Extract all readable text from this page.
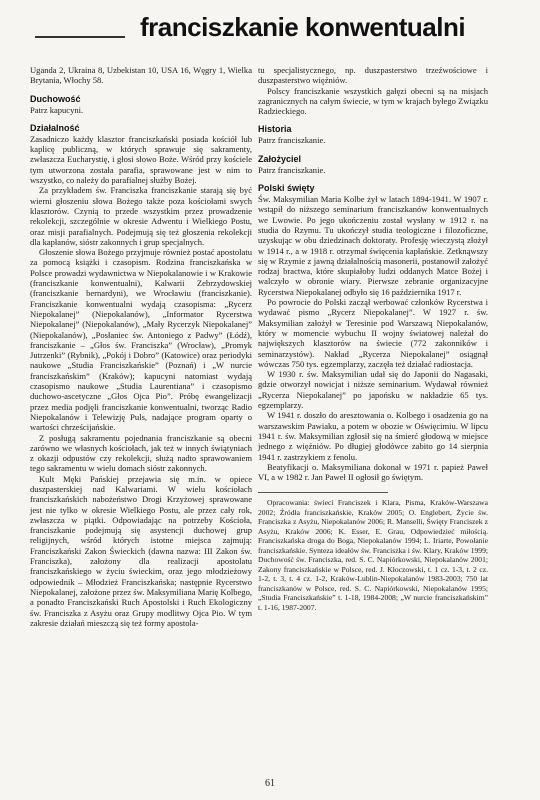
franciszkanie konwentualni

Uganda 2, Ukraina 8, Uzbekistan 10, USA 16, Węgry 1, Wielka Brytania, Włochy 58.

Duchowość

Patrz kapucyni.

Działalność

Zasadniczo każdy klasztor franciszkański posiada kościół lub kaplicę publiczną, w których sprawuje się sakramenty, zwłaszcza Eucharystię, i głosi słowo Boże. Wśród przy kościele tym utworzona została parafia, sprawowane jest w nim to wszystko, co należy do parafialnej służby Bożej.

Za przykładem św. Franciszka franciszkanie starają się być wierni głoszeniu słowa Bożego także poza kościołami swych klasztorów. Czynią to przede wszystkim przez prowadzenie rekolekcji, szczególnie w okresie Adwentu i Wielkiego Postu, oraz misji parafialnych. Podejmują się też głoszenia rekolekcji dla kapłanów, sióstr zakonnych i grup specjalnych.

Głoszenie słowa Bożego przyjmuje również postać apostolatu za pomocą książki i czasopism. Rodzina franciszkańska w Polsce prowadzi wydawnictwa w Niepokalanowie i w Krakowie (franciszkanie konwentualni), Kalwarii Zebrzydowskiej (franciszkanie bernardyni), we Wrocławiu (franciszkanie). Franciszkanie konwentualni wydają czasopisma: „Rycerz Niepokalanej” (Niepokalanów), „Informator Rycerstwa Niepokalanej” (Niepokalanów), „Mały Rycerzyk Niepokalanej” (Niepokalanów), „Posłaniec św. Antoniego z Padwy” (Łódź), franciszkanie – „Głos św. Franciszka” (Wrocław), „Promyk Jutrzenki” (Rybnik), „Pokój i Dobro” (Katowice) oraz periodyki naukowe „Studia Franciszkańskie” (Poznań) i „W nurcie franciszkańskim” (Kraków); kapucyni natomiast wydają czasopismo naukowe „Studia Laurentiana” i czasopismo duchowo-ascetyczne „Głos Ojca Pio”. Próbę ewangelizacji przez media podjęli franciszkanie konwentualni, tworząc Radio Niepokalanów i Telewizję Puls, nadające program oparty o wartości chrześcijańskie.

Z posługą sakramentu pojednania franciszkanie są obecni zarówno we własnych kościołach, jak też w innych świątyniach z okazji odpustów czy rekolekcji, służą nadto sprawowaniem tego sakramentu w wielu domach sióstr zakonnych.

Kult Męki Pańskiej przejawia się m.in. w opiece duszpasterskiej nad Kalwariami. W wielu kościołach franciszkańskich nabożeństwo Drogi Krzyżowej sprawowane jest nie tylko w okresie Wielkiego Postu, ale przez cały rok, zwłaszcza w piątki. Odpowiadając na potrzeby Kościoła, franciszkanie podejmują się asystencji duchowej grup religijnych, wśród których istotne miejsca zajmują: Franciszkański Zakon Świeckich (dawna nazwa: III Zakon św. Franciszka), założony dla realizacji apostolatu franciszkańskiego w życiu świeckim, oraz jego młodzieżowy odpowiednik – Młodzież Franciszkańska; następnie Rycerstwo Niepokalanej, założone przez św. Maksymiliana Marię Kolbego, a ponadto Franciszkański Ruch Apostolski i Ruch Ekologiczny św. Franciszka z Asyżu oraz Grupy modlitwy Ojca Pio. W tym zakresie działań mieszczą się też formy apostola-

tu specjalistycznego, np. duszpasterstwo trzeźwościowe i duszpasterstwo więźniów.

Polscy franciszkanie wszystkich gałęzi obecni są na misjach zagranicznych na całym świecie, w tym w krajach byłego Związku Radzieckiego.

Historia

Patrz franciszkanie.

Założyciel

Patrz franciszkanie.

Polski święty

Św. Maksymilian Maria Kolbe żył w latach 1894-1941. W 1907 r. wstąpił do niższego seminarium franciszkanów konwentualnych we Lwowie. Po jego ukończeniu został wysłany w 1912 r. na studia do Rzymu. Tu ukończył studia teologiczne i filozoficzne, uzyskując w obu dziedzinach doktoraty. Profesję wieczystą złożył w 1914 r., a w 1918 r. otrzymał święcenia kapłańskie. Zetknąwszy się w Rzymie z jawną działalnością masonerii, postanowił założyć rodzaj bractwa, które skupiałoby ludzi oddanych Matce Bożej i walczyło w obronie wiary. Pierwsze zebranie organizacyjne Rycerstwa Niepokalanej odbyło się 16 października 1917 r.

Po powrocie do Polski zaczął werbować członków Rycerstwa i wydawać pismo „Rycerz Niepokalanej”. W 1927 r. św. Maksymilian założył w Teresinie pod Warszawą Niepokalanów, który w momencie wybuchu II wojny światowej należał do największych klasztorów na świecie (772 zakonników i seminarzystów). Nakład „Rycerza Niepokalanej” osiągnął wówczas 750 tys. egzemplarzy, zaczęła też działać radiostacja.

W 1930 r. św. Maksymilian udał się do Japonii do Nagasaki, gdzie otworzył nowicjat i niższe seminarium. Wydawał również „Rycerza Niepokalanej” po japońsku w nakładzie 65 tys. egzemplarzy.

W 1941 r. doszło do aresztowania o. Kolbego i osadzenia go na warszawskim Pawiaku, a potem w obozie w Oświęcimiu. W lipcu 1941 r. św. Maksymilian zgłosił się na śmierć głodową w miejsce jednego z więźniów. Po długiej głodówce zabito go 14 sierpnia 1941 r. zastrzykiem z fenolu.

Beatyfikacji o. Maksymiliana dokonał w 1971 r. papież Paweł VI, a w 1982 r. Jan Paweł II ogłosił go świętym.

Opracowania: świeci Franciszek i Klara, Pisma, Kraków-Warszawa 2002; Źródła franciszkańskie, Kraków 2005; O. Englebert, Życie św. Franciszka z Asyżu, Niepokalanów 2006; R. Manselli, Święty Franciszek z Asyżu, Kraków 2006; K. Esser, E. Grau, Odpowiedzieć miłością. Franciszkańska droga do Boga, Niepokalanów 1994; L. Iriarte, Powołanie franciszkańskie. Synteza ideałów św. Franciszka i św. Klary, Kraków 1999; Duchowość św. Franciszka, red. S. C. Napiórkowski, Niepokalanów 2001; Zakony franciszkańskie w Polsce, red. J. Kłoczowski, t. 1 cz. 1-3, t. 2 cz. 1-2, t. 3, t. 4 cz. 1-2, Kraków-Lublin-Niepokalanów 1983-2003; 750 lat franciszkanów w Polsce, red. S. C. Napiórkowski, Niepokalanów 1995; „Studia Franciszkańskie” t. 1-18, 1984-2008; „W nurcie franciszkańskim” t. 1-16, 1987-2007.

61
